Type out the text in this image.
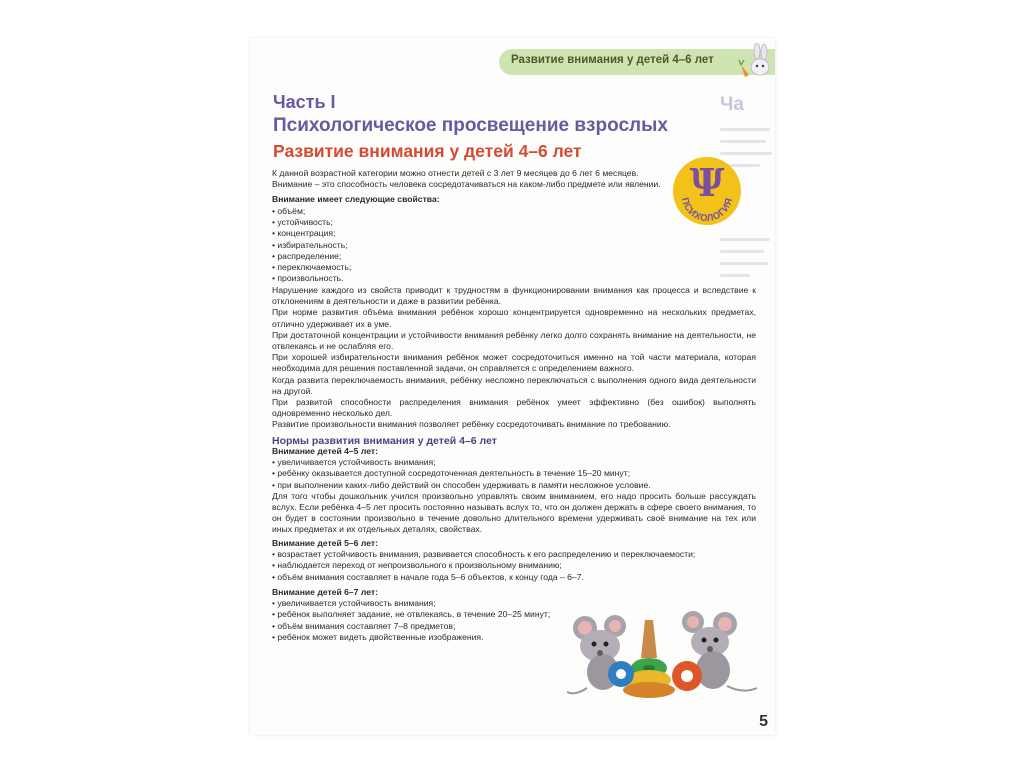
Ча
Развитие внимания у детей 4–6 лет
Часть I
Психологическое просвещение взрослых
Развитие внимания у детей 4–6 лет
Ψ
ПСИХОЛОГИЯ
К данной возрастной категории можно отнести детей с 3 лет 9 месяцев до 6 лет 6 месяцев.
Внимание – это способность человека сосредотачиваться на каком-либо предмете или явлении.
Внимание имеет следующие свойства:
• объём;
• устойчивость;
• концентрация;
• избирательность;
• распределение;
• переключаемость;
• произвольность.

Нарушение каждого из свойств приводит к трудностям в функционировании внимания как процесса и вследствие к отклонениям в деятельности и даже в развитии ребёнка.

При норме развития объёма внимания ребёнок хорошо концентрируется одновременно на нескольких предметах, отлично удерживает их в уме.

При достаточной концентрации и устойчивости внимания ребёнку легко долго сохранять внимание на деятельности, не отвлекаясь и не ослабляя его.

При хорошей избирательности внимания ребёнок может сосредоточиться именно на той части материала, которая необходима для решения поставленной задачи, он справляется с определением важного.

Когда развита переключаемость внимания, ребёнку несложно переключаться с выполнения одного вида деятельности на другой.

При развитой способности распределения внимания ребёнок умеет эффективно (без ошибок) выполнять одновременно несколько дел.

Развитие произвольности внимания позволяет ребёнку сосредоточивать внимание по требованию.

Нормы развития внимания у детей 4–6 лет
Внимание детей 4–5 лет:
• увеличивается устойчивость внимания;
• ребёнку оказывается доступной сосредоточенная деятельность в течение 15–20 минут;
• при выполнении каких-либо действий он способен удерживать в памяти несложное условие.

Для того чтобы дошкольник учился произвольно управлять своим вниманием, его надо просить больше рассуждать вслух. Если ребёнка 4–5 лет просить постоянно называть вслух то, что он должен держать в сфере своего внимания, то он будет в состоянии произвольно в течение довольно длительного времени удерживать своё внимание на тех или иных предметах и их отдельных деталях, свойствах.

Внимание детей 5–6 лет:
• возрастает устойчивость внимания, развивается способность к его распределению и переключаемости;
• наблюдается переход от непроизвольного к произвольному вниманию;
• объём внимания составляет в начале года 5–6 объектов, к концу года – 6–7.
Внимание детей 6–7 лет:
• увеличивается устойчивость внимания;
• ребёнок выполняет задание, не отвлекаясь, в течение 20–25 минут;
• объём внимания составляет 7–8 предметов;
• ребёнок может видеть двойственные изображения.
5
